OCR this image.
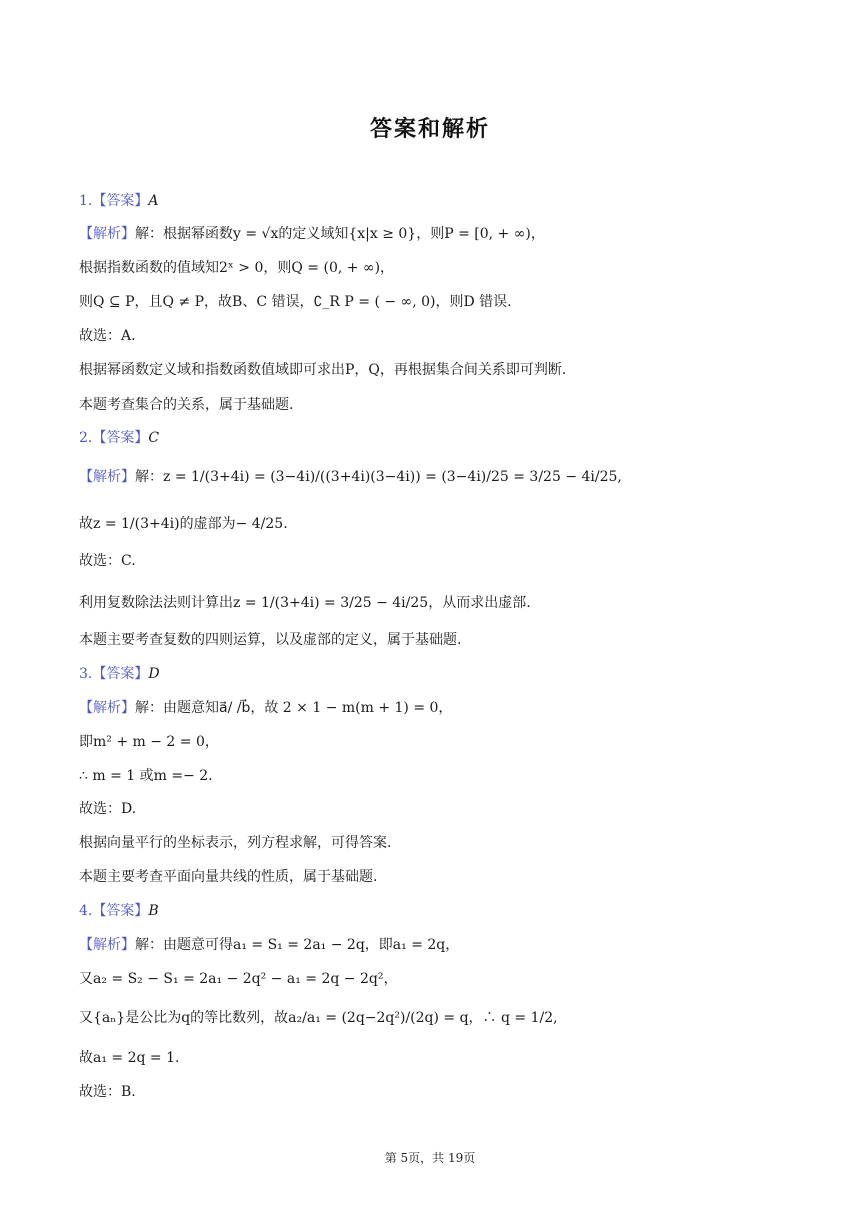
答案和解析
1.【答案】A
【解析】解：根据幂函数y = √x的定义域知{x|x ≥ 0}，则P = [0, + ∞)，
根据指数函数的值域知2ˣ > 0，则Q = (0, + ∞)，
则Q ⊆ P，且Q ≠ P，故B、C 错误，∁_R P = ( − ∞, 0)，则D 错误.
故选：A.
根据幂函数定义域和指数函数值域即可求出P，Q，再根据集合间关系即可判断.
本题考查集合的关系，属于基础题.
2.【答案】C
【解析】解：z = 1/(3+4i) = (3−4i)/((3+4i)(3−4i)) = (3−4i)/25 = 3/25 − 4i/25,
故z = 1/(3+4i)的虚部为− 4/25.
故选：C.
利用复数除法法则计算出z = 1/(3+4i) = 3/25 − 4i/25，从而求出虚部.
本题主要考查复数的四则运算，以及虚部的定义，属于基础题.
3.【答案】D
【解析】解：由题意知a⃗/ /b⃗，故 2 × 1 − m(m + 1) = 0，
即m² + m − 2 = 0，
∴ m = 1 或m =− 2.
故选：D.
根据向量平行的坐标表示，列方程求解，可得答案.
本题主要考查平面向量共线的性质，属于基础题.
4.【答案】B
【解析】解：由题意可得a₁ = S₁ = 2a₁ − 2q，即a₁ = 2q，
又a₂ = S₂ − S₁ = 2a₁ − 2q² − a₁ = 2q − 2q²，
又{aₙ}是公比为q的等比数列，故a₂/a₁ = (2q−2q²)/(2q) = q，∴ q = 1/2,
故a₁ = 2q = 1.
故选：B.
第 5页，共 19页
